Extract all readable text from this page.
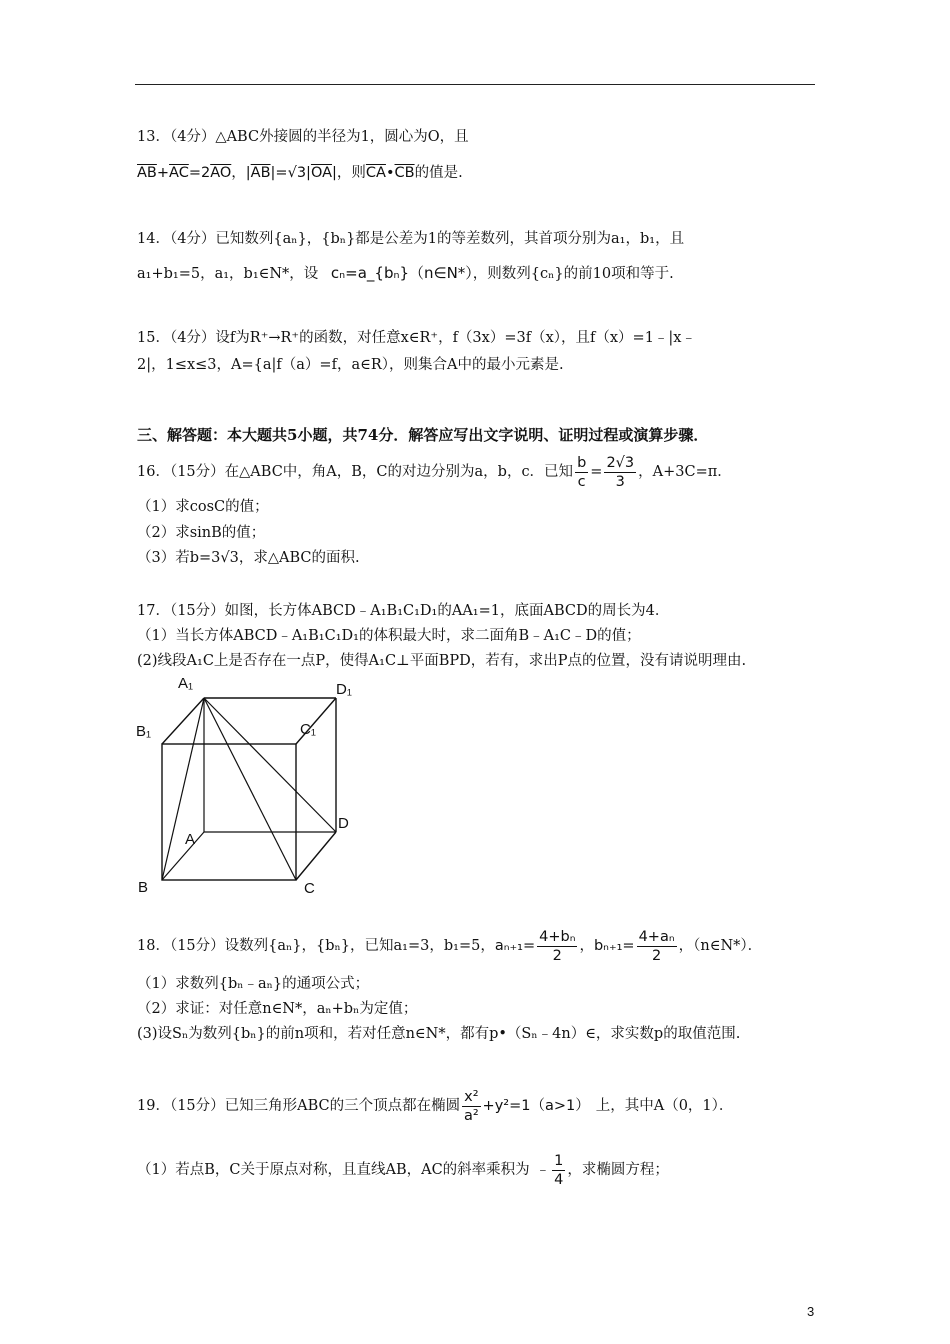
13．（4分）△ABC外接圆的半径为1，圆心为O，且
$\overline{AB}+\overline{AC}=2\overline{AO}$，$|\overline{AB}|=√3|\overline{OA}|$，则$\overline{CA}•\overline{CB}$的值是.
14．（4分）已知数列{aₙ}，{bₙ}都是公差为1的等差数列，其首项分别为a₁，b₁，且
a₁+b₁=5，a₁，b₁∈N*，设 cₙ=a_{bₙ}（n∈N*），则数列{cₙ}的前10项和等于.
15．（4分）设f为R⁺→R⁺的函数，对任意x∈R⁺，f（3x）=3f（x），且f（x）=1﹣|x﹣
2|，1≤x≤3，A={a|f（a）=f，a∈R），则集合A中的最小元素是.
三、解答题：本大题共5小题，共74分．解答应写出文字说明、证明过程或演算步骤．
16．（15分）在△ABC中，角A，B，C的对边分别为a，b，c．已知 $\frac{b}{c} = \frac{2√3}{3}$ ，A+3C=π．
（1）求cosC的值；
（2）求sinB的值；
（3）若b=3√3，求△ABC的面积.
17．（15分）如图，长方体ABCD﹣A₁B₁C₁D₁的AA₁=1，底面ABCD的周长为4．
（1）当长方体ABCD﹣A₁B₁C₁D₁的体积最大时，求二面角B﹣A₁C﹣D的值；
(2)线段A₁C上是否存在一点P，使得A₁C⊥平面BPD，若有，求出P点的位置，没有请说明理由.
A₁	D₁
B₁	C₁
A
D
B	C
18．（15分）设数列{aₙ}，{bₙ}，已知a₁=3，b₁=5，$a_{n+1}= \frac{\text{4+bₙ}}{2}$ ，$b_{n+1}= \frac{\text{4+aₙ}}{2}$ ，（n∈N*）．
（1）求数列{bₙ﹣aₙ}的通项公式；
（2）求证：对任意n∈N*，aₙ+bₙ为定值；
(3)设Sₙ为数列{bₙ}的前n项和，若对任意n∈N*，都有p•（Sₙ﹣4n）∈，求实数p的取值范围.
19．（15分）已知三角形ABC的三个顶点都在椭圆 $\frac{\text{x²}}{\text{a²}} +y^2=1(a>1)$ 上，其中A（0，1）．
（1）若点B，C关于原点对称，且直线AB，AC的斜率乘积为 ﹣ $\frac{1}{4}$ ，求椭圆方程；
3
